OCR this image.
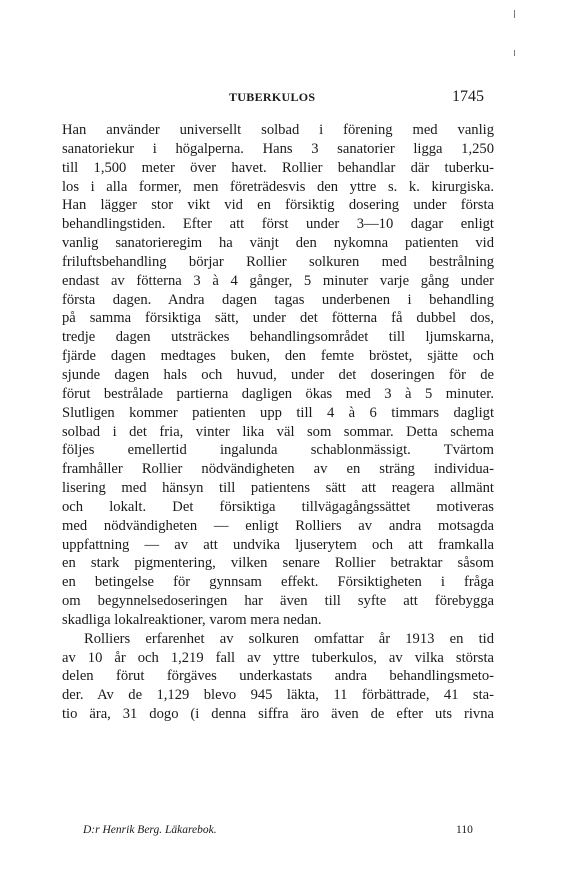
TUBERKULOS	1745
Han använder universellt solbad i förening med vanlig
sanatoriekur i högalperna. Hans 3 sanatorier ligga 1,250
till 1,500 meter över havet. Rollier behandlar där tuberku-
los i alla former, men företrädesvis den yttre s. k. kirurgiska.
Han lägger stor vikt vid en försiktig dosering under första
behandlingstiden. Efter att först under 3—10 dagar enligt
vanlig sanatorieregim ha vänjt den nykomna patienten vid
friluftsbehandling börjar Rollier solkuren med bestrålning
endast av fötterna 3 à 4 gånger, 5 minuter varje gång under
första dagen. Andra dagen tagas underbenen i behandling
på samma försiktiga sätt, under det fötterna få dubbel dos,
tredje dagen utsträckes behandlingsområdet till ljumskarna,
fjärde dagen medtages buken, den femte bröstet, sjätte och
sjunde dagen hals och huvud, under det doseringen för de
förut bestrålade partierna dagligen ökas med 3 à 5 minuter.
Slutligen kommer patienten upp till 4 à 6 timmars dagligt
solbad i det fria, vinter lika väl som sommar. Detta schema
följes emellertid ingalunda schablonmässigt. Tvärtom
framhåller Rollier nödvändigheten av en sträng individua-
lisering med hänsyn till patientens sätt att reagera allmänt
och lokalt. Det försiktiga tillvägagångssättet motiveras
med nödvändigheten — enligt Rolliers av andra motsagda
uppfattning — av att undvika ljuserytem och att framkalla
en stark pigmentering, vilken senare Rollier betraktar såsom
en betingelse för gynnsam effekt. Försiktigheten i fråga
om begynnelsedoseringen har även till syfte att förebygga
skadliga lokalreaktioner, varom mera nedan.
Rolliers erfarenhet av solkuren omfattar år 1913 en tid
av 10 år och 1,219 fall av yttre tuberkulos, av vilka största
delen förut förgäves underkastats andra behandlingsmeto-
der. Av de 1,129 blevo 945 läkta, 11 förbättrade, 41 sta-
tio ära, 31 dogo (i denna siffra äro även de efter uts rivna
D:r Henrik Berg. Läkarebok.	110
